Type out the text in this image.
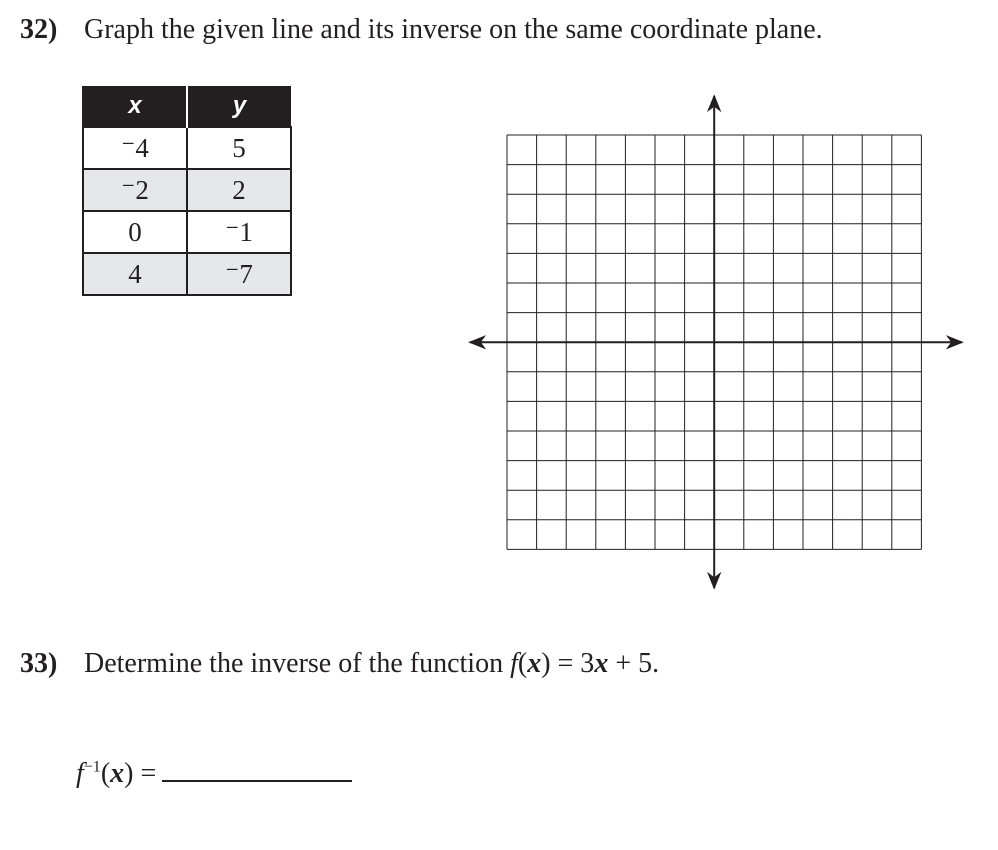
32) Graph the given line and its inverse on the same coordinate plane.
x	y
⁻4	5
⁻2	2
0	⁻1
4	⁻7
33) Determine the inverse of the function f(x) = 3x + 5.
$f^{-1}(x)$ =
